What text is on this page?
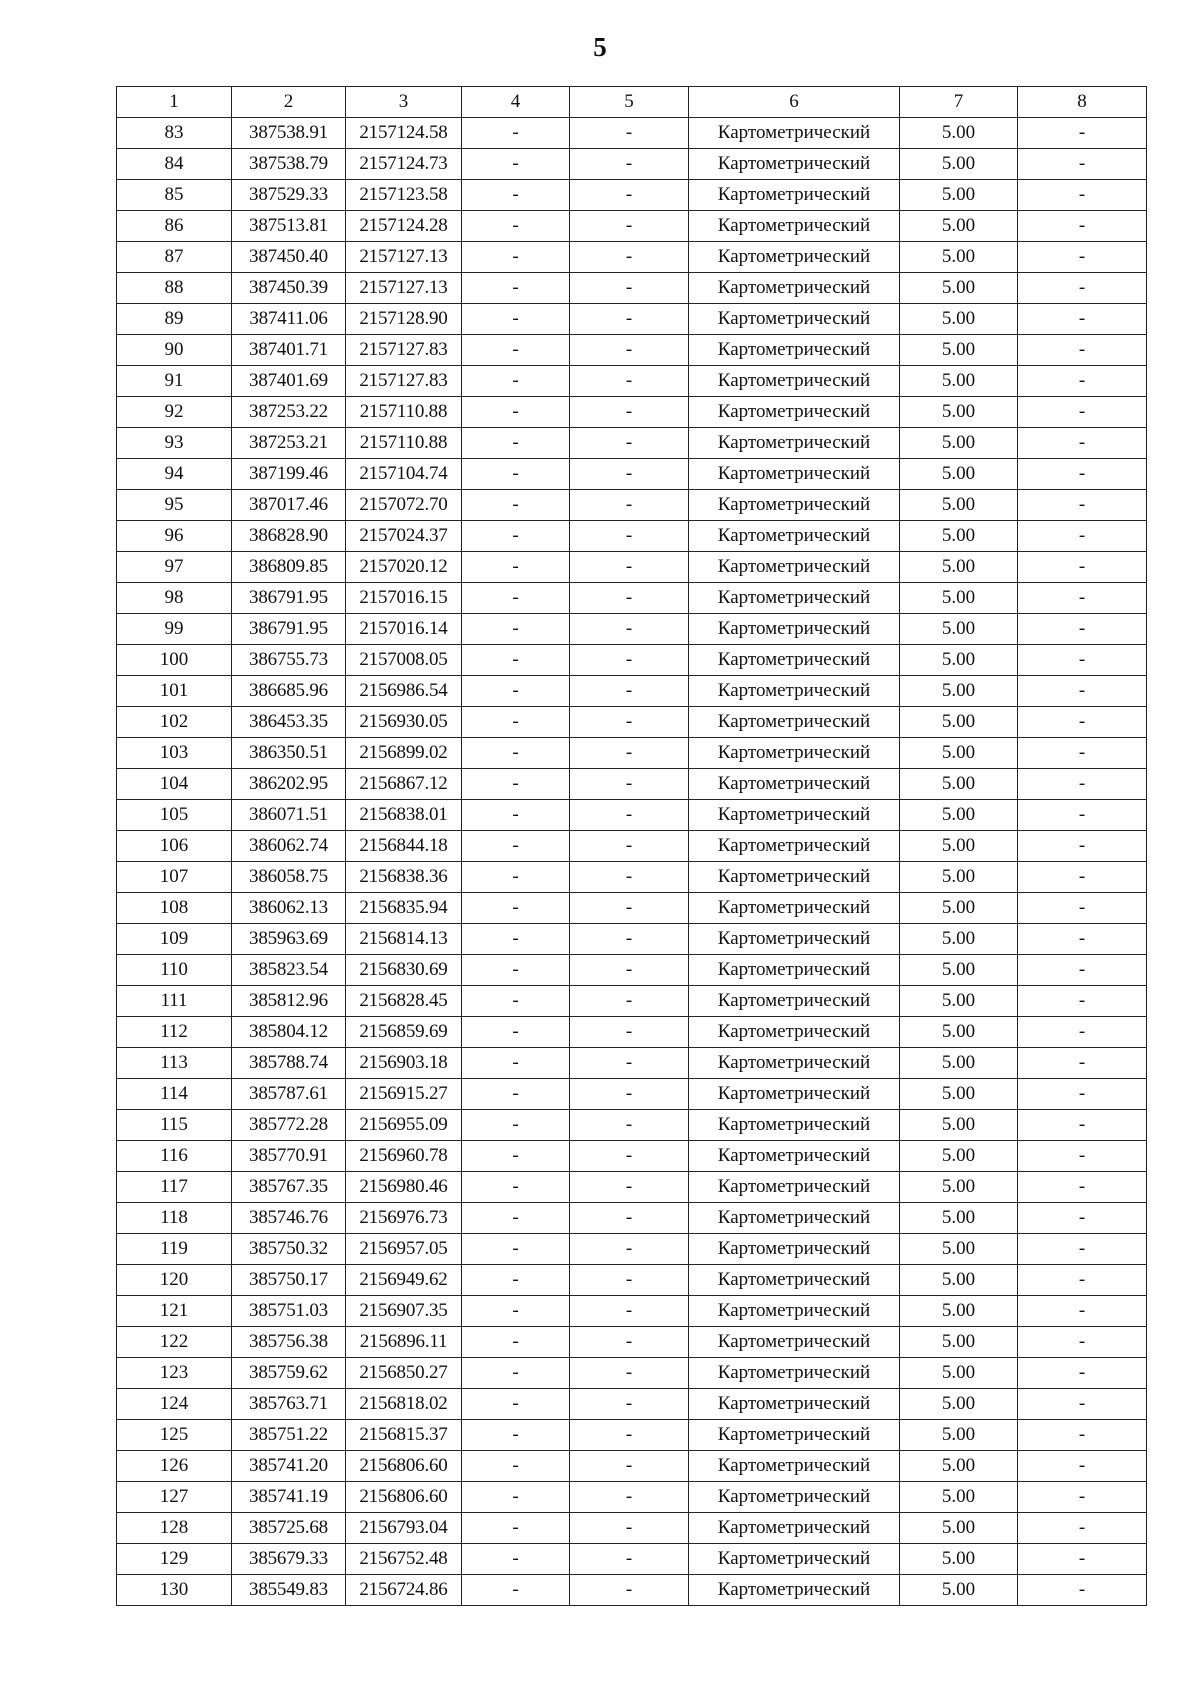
5
1	2	3	4	5	6	7	8
83	387538.91	2157124.58	-	-	Картометрический	5.00	-
84	387538.79	2157124.73	-	-	Картометрический	5.00	-
85	387529.33	2157123.58	-	-	Картометрический	5.00	-
86	387513.81	2157124.28	-	-	Картометрический	5.00	-
87	387450.40	2157127.13	-	-	Картометрический	5.00	-
88	387450.39	2157127.13	-	-	Картометрический	5.00	-
89	387411.06	2157128.90	-	-	Картометрический	5.00	-
90	387401.71	2157127.83	-	-	Картометрический	5.00	-
91	387401.69	2157127.83	-	-	Картометрический	5.00	-
92	387253.22	2157110.88	-	-	Картометрический	5.00	-
93	387253.21	2157110.88	-	-	Картометрический	5.00	-
94	387199.46	2157104.74	-	-	Картометрический	5.00	-
95	387017.46	2157072.70	-	-	Картометрический	5.00	-
96	386828.90	2157024.37	-	-	Картометрический	5.00	-
97	386809.85	2157020.12	-	-	Картометрический	5.00	-
98	386791.95	2157016.15	-	-	Картометрический	5.00	-
99	386791.95	2157016.14	-	-	Картометрический	5.00	-
100	386755.73	2157008.05	-	-	Картометрический	5.00	-
101	386685.96	2156986.54	-	-	Картометрический	5.00	-
102	386453.35	2156930.05	-	-	Картометрический	5.00	-
103	386350.51	2156899.02	-	-	Картометрический	5.00	-
104	386202.95	2156867.12	-	-	Картометрический	5.00	-
105	386071.51	2156838.01	-	-	Картометрический	5.00	-
106	386062.74	2156844.18	-	-	Картометрический	5.00	-
107	386058.75	2156838.36	-	-	Картометрический	5.00	-
108	386062.13	2156835.94	-	-	Картометрический	5.00	-
109	385963.69	2156814.13	-	-	Картометрический	5.00	-
110	385823.54	2156830.69	-	-	Картометрический	5.00	-
111	385812.96	2156828.45	-	-	Картометрический	5.00	-
112	385804.12	2156859.69	-	-	Картометрический	5.00	-
113	385788.74	2156903.18	-	-	Картометрический	5.00	-
114	385787.61	2156915.27	-	-	Картометрический	5.00	-
115	385772.28	2156955.09	-	-	Картометрический	5.00	-
116	385770.91	2156960.78	-	-	Картометрический	5.00	-
117	385767.35	2156980.46	-	-	Картометрический	5.00	-
118	385746.76	2156976.73	-	-	Картометрический	5.00	-
119	385750.32	2156957.05	-	-	Картометрический	5.00	-
120	385750.17	2156949.62	-	-	Картометрический	5.00	-
121	385751.03	2156907.35	-	-	Картометрический	5.00	-
122	385756.38	2156896.11	-	-	Картометрический	5.00	-
123	385759.62	2156850.27	-	-	Картометрический	5.00	-
124	385763.71	2156818.02	-	-	Картометрический	5.00	-
125	385751.22	2156815.37	-	-	Картометрический	5.00	-
126	385741.20	2156806.60	-	-	Картометрический	5.00	-
127	385741.19	2156806.60	-	-	Картометрический	5.00	-
128	385725.68	2156793.04	-	-	Картометрический	5.00	-
129	385679.33	2156752.48	-	-	Картометрический	5.00	-
130	385549.83	2156724.86	-	-	Картометрический	5.00	-
